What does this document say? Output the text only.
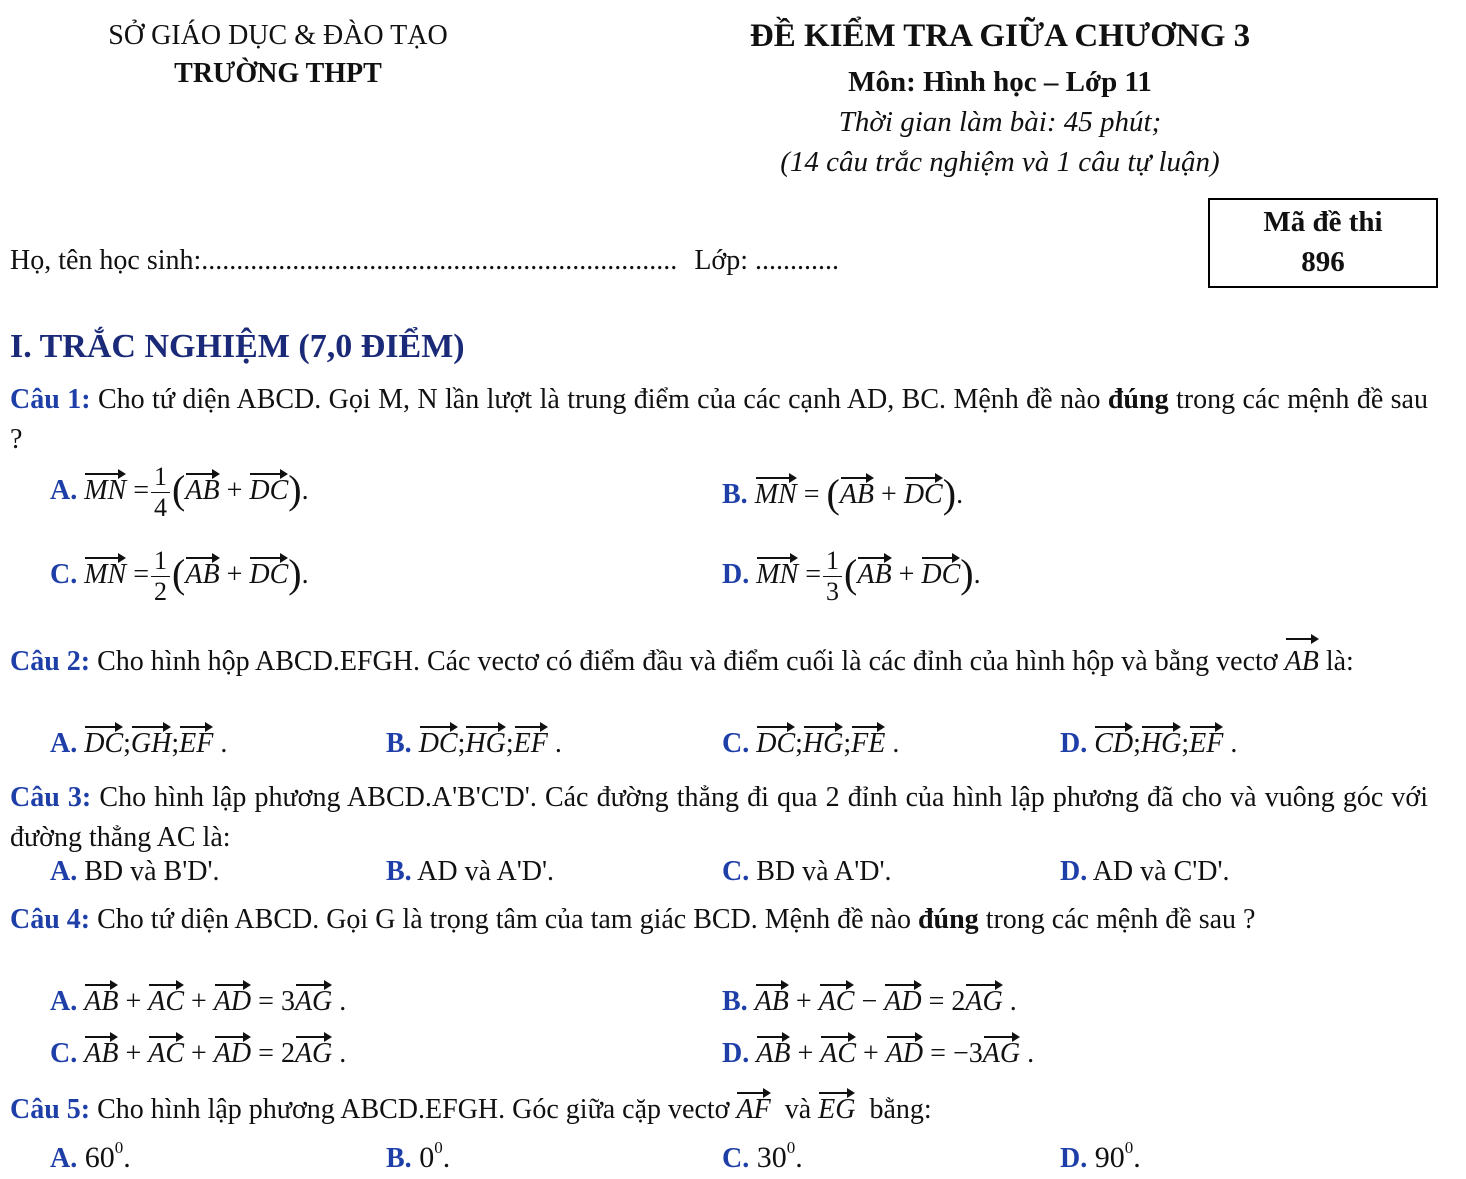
SỞ GIÁO DỤC & ĐÀO TẠO
TRƯỜNG THPT
ĐỀ KIỂM TRA GIỮA CHƯƠNG 3
Môn: Hình học – Lớp 11
Thời gian làm bài: 45 phút;
(14 câu trắc nghiệm và 1 câu tự luận)
Mã đề thi
896
Họ, tên học sinh:.................................................................... Lớp: ............
I. TRẮC NGHIỆM (7,0 ĐIỂM)
Câu 1: Cho tứ diện ABCD. Gọi M, N lần lượt là trung điểm của các cạnh AD, BC. Mệnh đề nào đúng trong các mệnh đề sau ?
A. MN = $\frac{1}{4} (AB + DC)$.	B. MN = (AB + DC).
C. MN = $\frac{1}{2} (AB + DC)$.	D. MN = $\frac{1}{3} (AB + DC)$.
Câu 2: Cho hình hộp ABCD.EFGH. Các vectơ có điểm đầu và điểm cuối là các đỉnh của hình hộp và bằng vectơ AB là:
A. DC;GH;EF .	B. DC;HG;EF .	C. DC;HG;FE .	D. CD;HG;EF .
Câu 3: Cho hình lập phương ABCD.A'B'C'D'. Các đường thẳng đi qua 2 đỉnh của hình lập phương đã cho và vuông góc với đường thẳng AC là:
A. BD và B'D'.	B. AD và A'D'.	C. BD và A'D'.	D. AD và C'D'.
Câu 4: Cho tứ diện ABCD. Gọi G là trọng tâm của tam giác BCD. Mệnh đề nào đúng trong các mệnh đề sau ?
A. AB + AC + AD = 3AG .	B. AB + AC − AD = 2AG .
C. AB + AC + AD = 2AG .	D. AB + AC + AD = −3AG .
Câu 5: Cho hình lập phương ABCD.EFGH. Góc giữa cặp vectơ AF và EG bằng:
A. $60^0$.	B. $0^0$.	C. $30^0$.	D. $90^0$.
